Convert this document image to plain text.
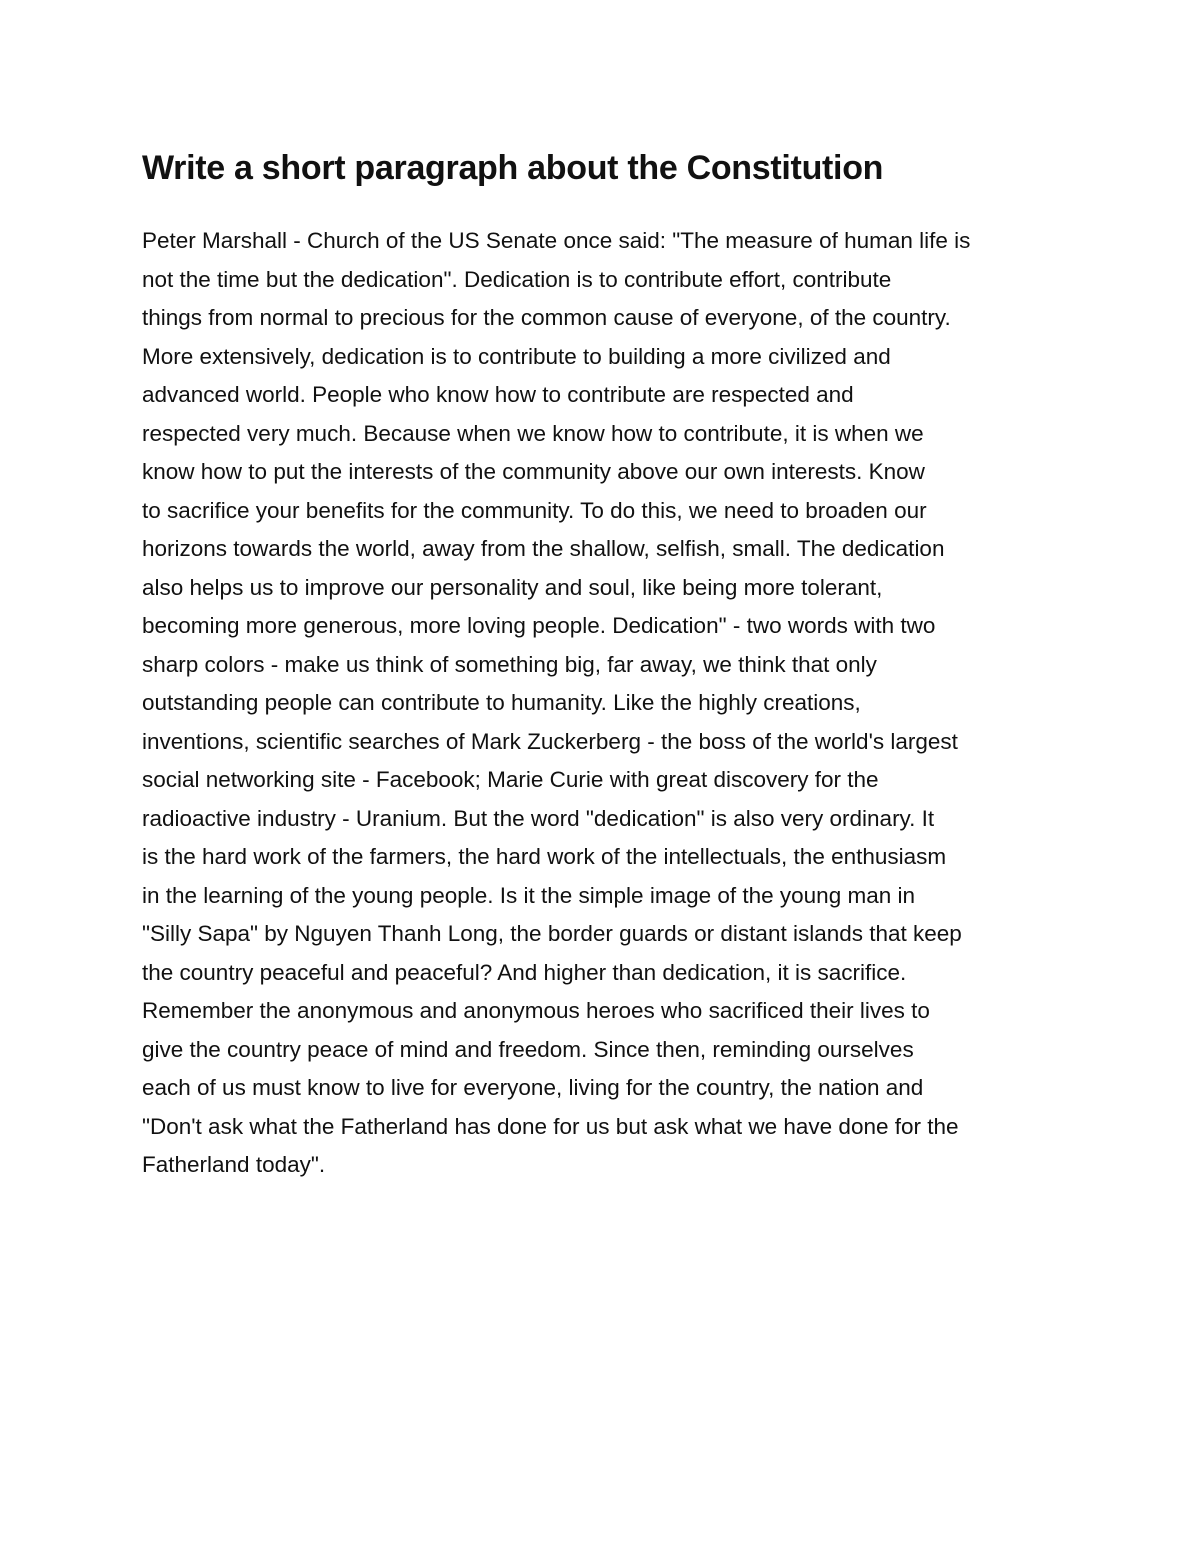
Write a short paragraph about the Constitution
Peter Marshall - Church of the US Senate once said: "The measure of human life is
not the time but the dedication". Dedication is to contribute effort, contribute
things from normal to precious for the common cause of everyone, of the country.
More extensively, dedication is to contribute to building a more civilized and
advanced world. People who know how to contribute are respected and
respected very much. Because when we know how to contribute, it is when we
know how to put the interests of the community above our own interests. Know
to sacrifice your benefits for the community. To do this, we need to broaden our
horizons towards the world, away from the shallow, selfish, small. The dedication
also helps us to improve our personality and soul, like being more tolerant,
becoming more generous, more loving people. Dedication" - two words with two
sharp colors - make us think of something big, far away, we think that only
outstanding people can contribute to humanity. Like the highly creations,
inventions, scientific searches of Mark Zuckerberg - the boss of the world's largest
social networking site - Facebook; Marie Curie with great discovery for the
radioactive industry - Uranium. But the word "dedication" is also very ordinary. It
is the hard work of the farmers, the hard work of the intellectuals, the enthusiasm
in the learning of the young people. Is it the simple image of the young man in
"Silly Sapa" by Nguyen Thanh Long, the border guards or distant islands that keep
the country peaceful and peaceful? And higher than dedication, it is sacrifice.
Remember the anonymous and anonymous heroes who sacrificed their lives to
give the country peace of mind and freedom. Since then, reminding ourselves
each of us must know to live for everyone, living for the country, the nation and
"Don't ask what the Fatherland has done for us but ask what we have done for the
Fatherland today".
